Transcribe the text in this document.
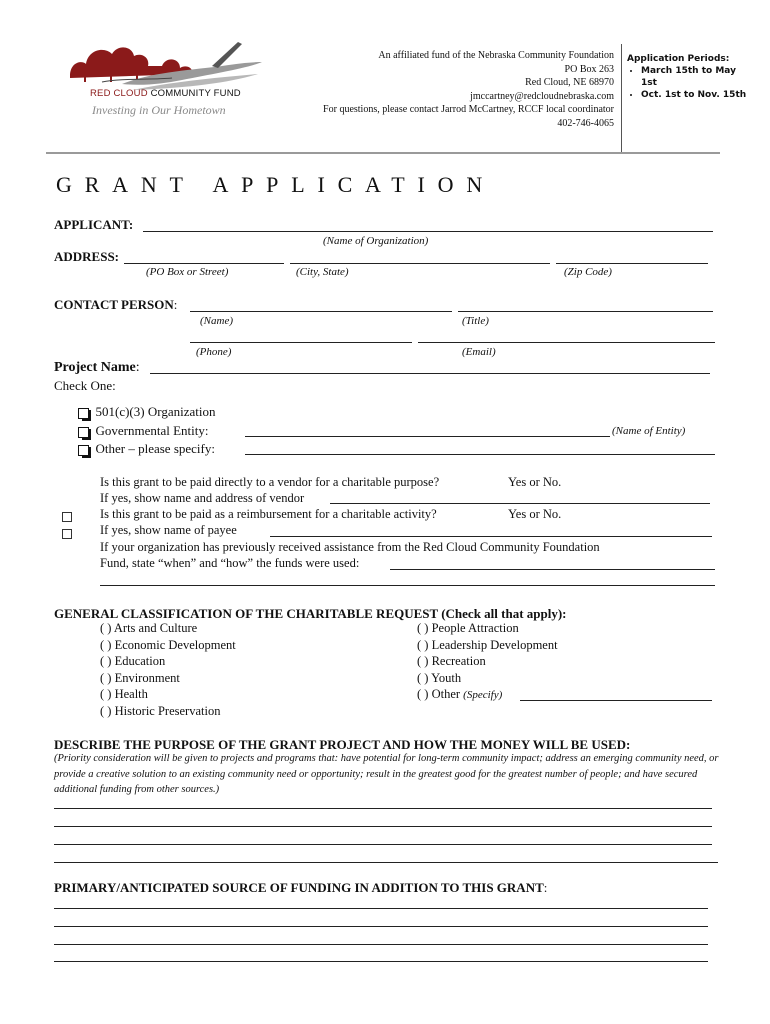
RED CLOUD COMMUNITY FUND
Investing in Our Hometown
An affiliated fund of the Nebraska Community Foundation
PO Box 263
Red Cloud, NE 68970
jmccartney@redcloudnebraska.com
For questions, please contact Jarrod McCartney, RCCF local coordinator
402-746-4065
Application Periods:
• March 15th to May 1st
• Oct. 1st to Nov. 15th
GRANT APPLICATION
APPLICANT:
(Name of Organization)
ADDRESS:
(PO Box or Street)	(City, State)	(Zip Code)
CONTACT PERSON:
(Name)	(Title)
(Phone)	(Email)
Project Name:
Check One:
501(c)(3) Organization
Governmental Entity:	(Name of Entity)
Other – please specify:
Is this grant to be paid directly to a vendor for a charitable purpose?	Yes or No.
If yes, show name and address of vendor
Is this grant to be paid as a reimbursement for a charitable activity?	Yes or No.
If yes, show name of payee
If your organization has previously received assistance from the Red Cloud Community Foundation
Fund, state “when” and “how” the funds were used:
GENERAL CLASSIFICATION OF THE CHARITABLE REQUEST (Check all that apply):
( ) Arts and Culture
( ) Economic Development
( ) Education
( ) Environment
( ) Health
( ) Historic Preservation
( ) People Attraction
( ) Leadership Development
( ) Recreation
( ) Youth
( ) Other (Specify)
DESCRIBE THE PURPOSE OF THE GRANT PROJECT AND HOW THE MONEY WILL BE USED:
(Priority consideration will be given to projects and programs that: have potential for long-term community impact; address an emerging community need, or provide a creative solution to an existing community need or opportunity; result in the greatest good for the greatest number of people; and have secured additional funding from other sources.)
PRIMARY/ANTICIPATED SOURCE OF FUNDING IN ADDITION TO THIS GRANT:
